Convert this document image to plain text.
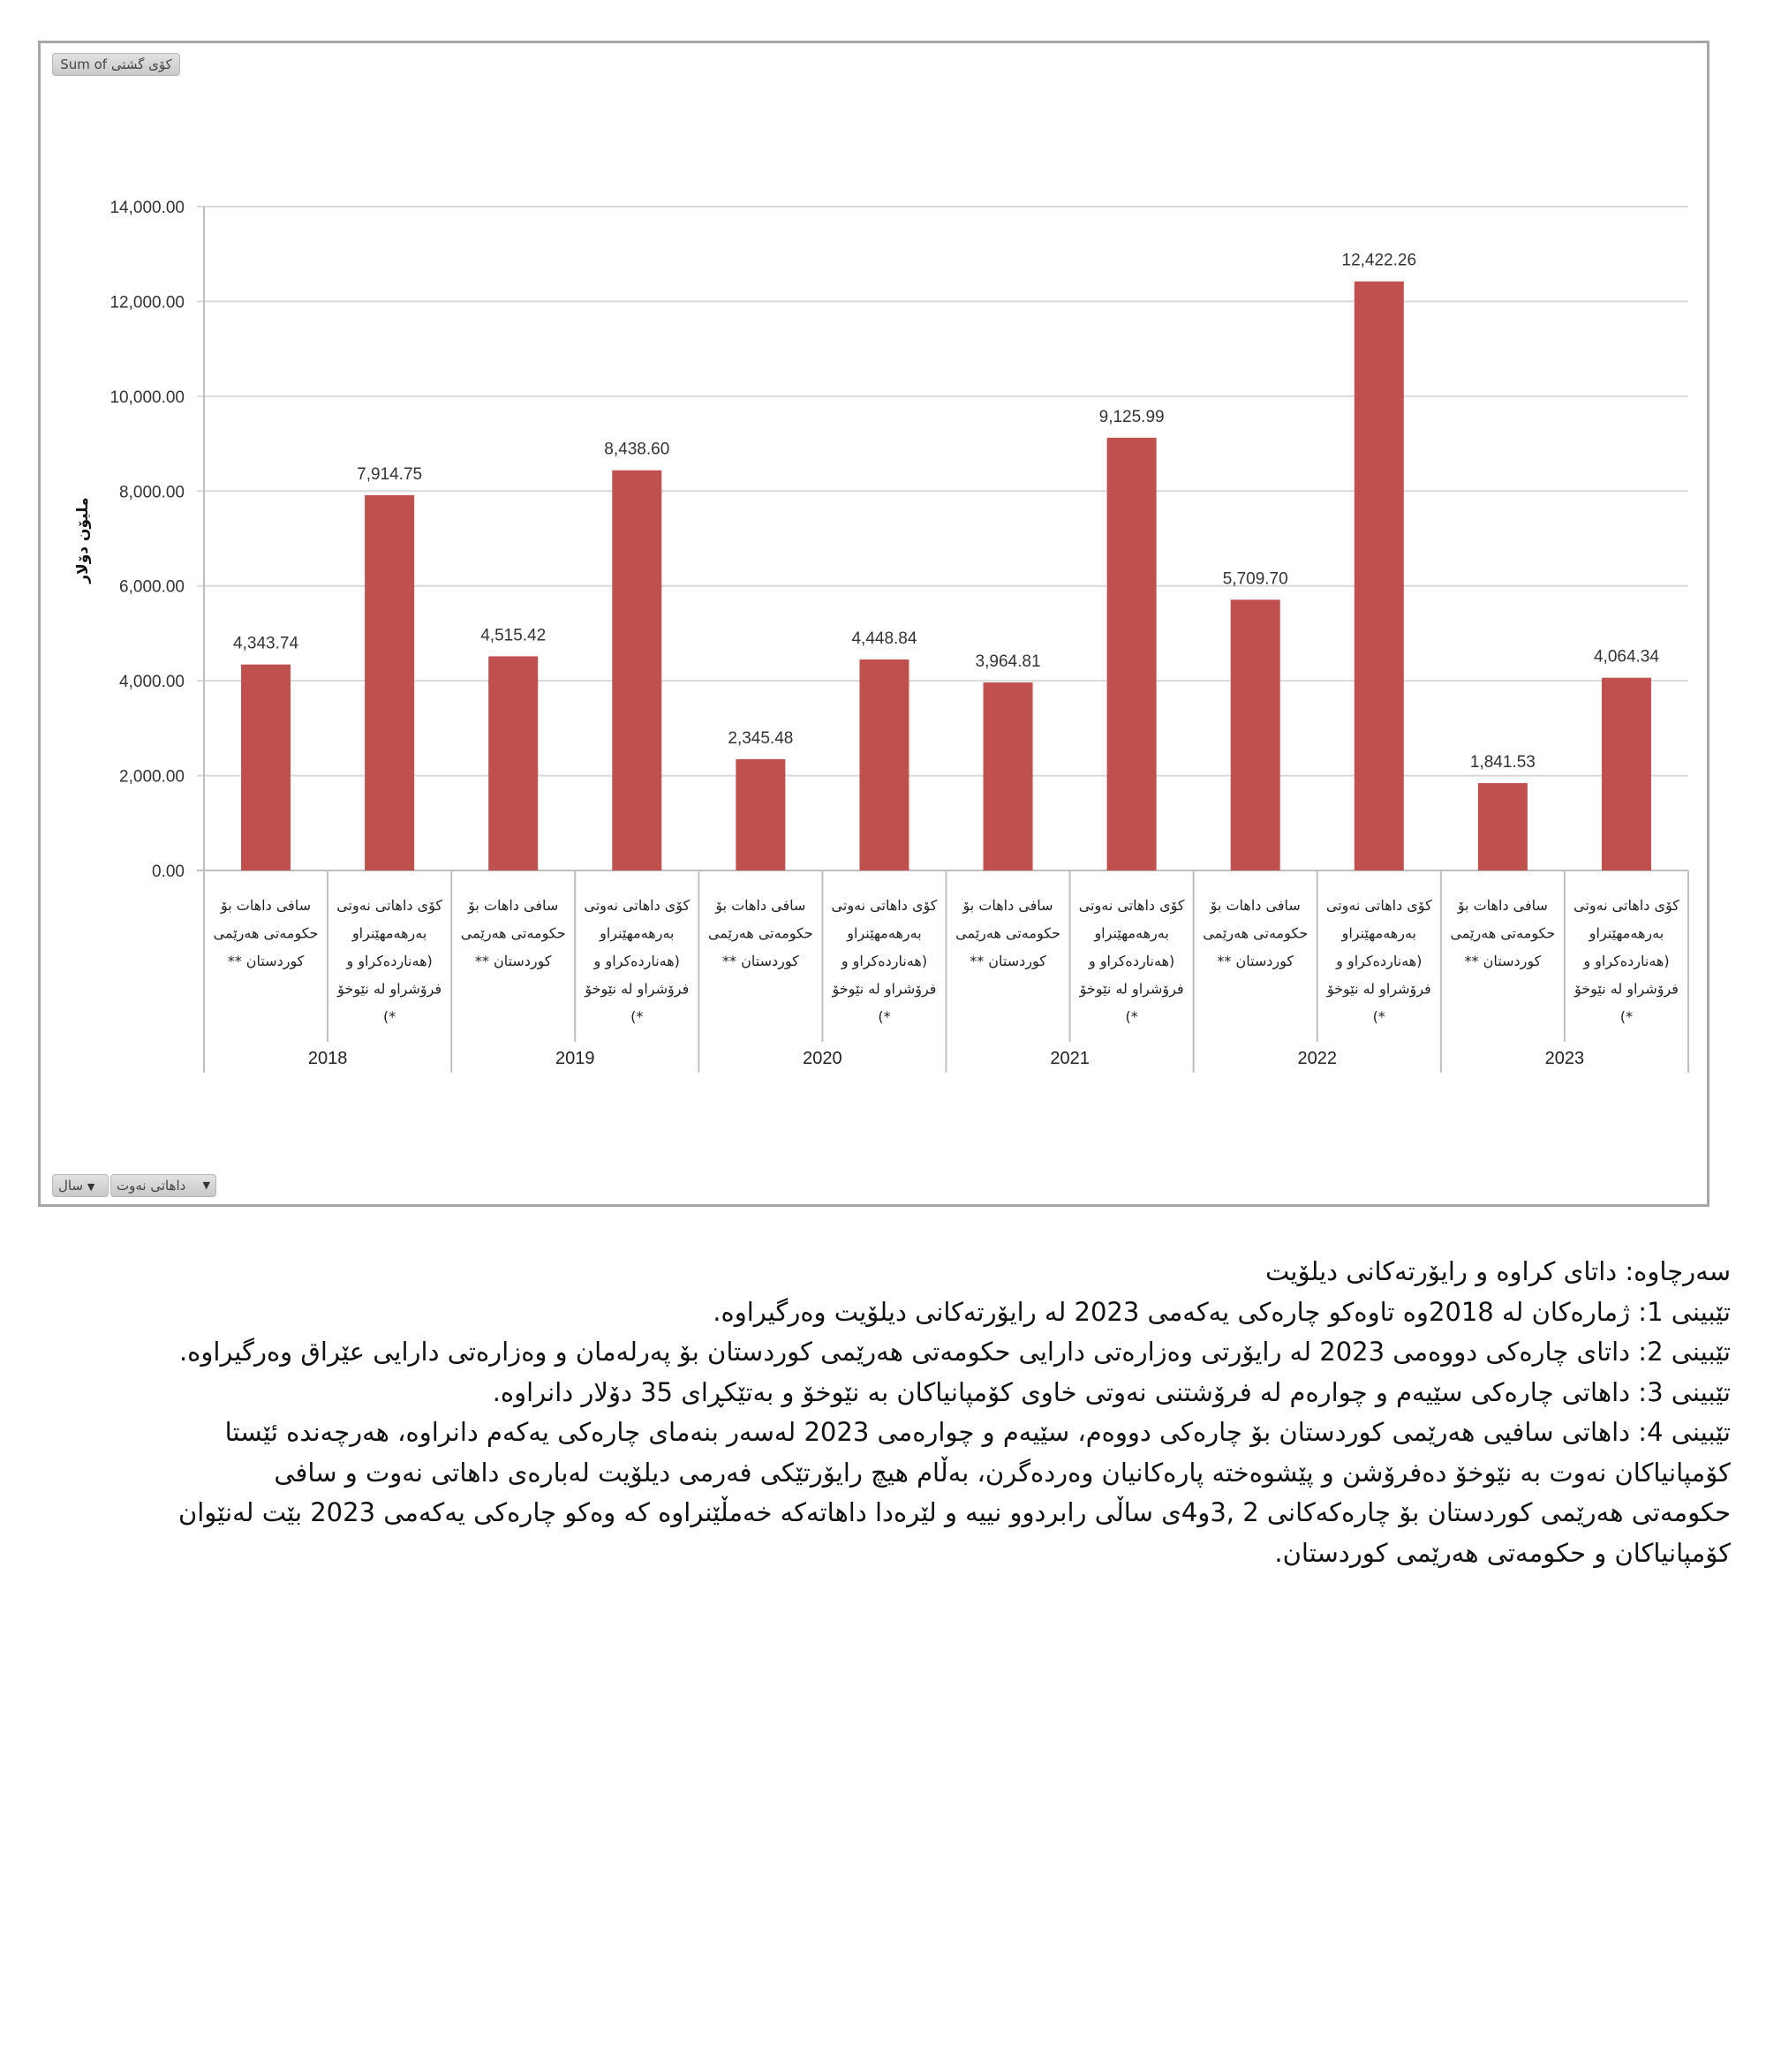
Sum of کۆی گشتی
سال ▼	داهاتی نەوت ▼
0.00
2,000.00
4,000.00
6,000.00
8,000.00
10,000.00
12,000.00
14,000.00
ملیۆن دۆلار
4,343.74
7,914.75
4,515.42
8,438.60
2,345.48
4,448.84
3,964.81
9,125.99
5,709.70
12,422.26
1,841.53
4,064.34
سافی داهات بۆ
حکومەتی هەرێمی
کوردستان **
کۆی داهاتی نەوتی
بەرهەمهێنراو
(هەناردەکراو و
فرۆشراو لە نێوخۆ
*)
2018
سافی داهات بۆ
حکومەتی هەرێمی
کوردستان **
کۆی داهاتی نەوتی
بەرهەمهێنراو
(هەناردەکراو و
فرۆشراو لە نێوخۆ
*)
2019
سافی داهات بۆ
حکومەتی هەرێمی
کوردستان **
کۆی داهاتی نەوتی
بەرهەمهێنراو
(هەناردەکراو و
فرۆشراو لە نێوخۆ
*)
2020
سافی داهات بۆ
حکومەتی هەرێمی
کوردستان **
کۆی داهاتی نەوتی
بەرهەمهێنراو
(هەناردەکراو و
فرۆشراو لە نێوخۆ
*)
2021
سافی داهات بۆ
حکومەتی هەرێمی
کوردستان **
کۆی داهاتی نەوتی
بەرهەمهێنراو
(هەناردەکراو و
فرۆشراو لە نێوخۆ
*)
2022
سافی داهات بۆ
حکومەتی هەرێمی
کوردستان **
کۆی داهاتی نەوتی
بەرهەمهێنراو
(هەناردەکراو و
فرۆشراو لە نێوخۆ
*)
2023

سەرچاوە: داتای کراوە و رایۆرتەکانی دیلۆیت

تێبینی 1: ژمارەکان لە 2018وە تاوەکو چارەکی یەکەمی 2023 لە رایۆرتەکانی دیلۆیت وەرگیراوە.

تێبینی 2: داتای چارەکی دووەمی 2023 لە رایۆرتی وەزارەتی دارایی حکومەتی هەرێمی کوردستان بۆ پەرلەمان و وەزارەتی دارایی عێراق وەرگیراوە.

تێبینی 3: داهاتی چارەکی سێیەم و چوارەم لە فرۆشتنی نەوتی خاوی کۆمپانیاکان بە نێوخۆ و بەتێکڕای 35 دۆلار دانراوە.

تێبینی 4: داهاتی سافیی هەرێمی کوردستان بۆ چارەکی دووەم، سێیەم و چوارەمی 2023 لەسەر بنەمای چارەکی یەکەم دانراوە، هەرچەندە ئێستا کۆمپانیاکان نەوت بە نێوخۆ دەفرۆشن و پێشوەختە پارەکانیان وەردەگرن، بەڵام هیچ رایۆرتێکی فەرمی دیلۆیت لەبارەی داهاتی نەوت و سافی حکومەتی هەرێمی کوردستان بۆ چارەکەکانی 2 ,3و4ی ساڵی رابردوو نییە و لێرەدا داهاتەکە خەمڵێنراوە کە وەکو چارەکی یەکەمی 2023 بێت لەنێوان کۆمپانیاکان و حکومەتی هەرێمی کوردستان.
